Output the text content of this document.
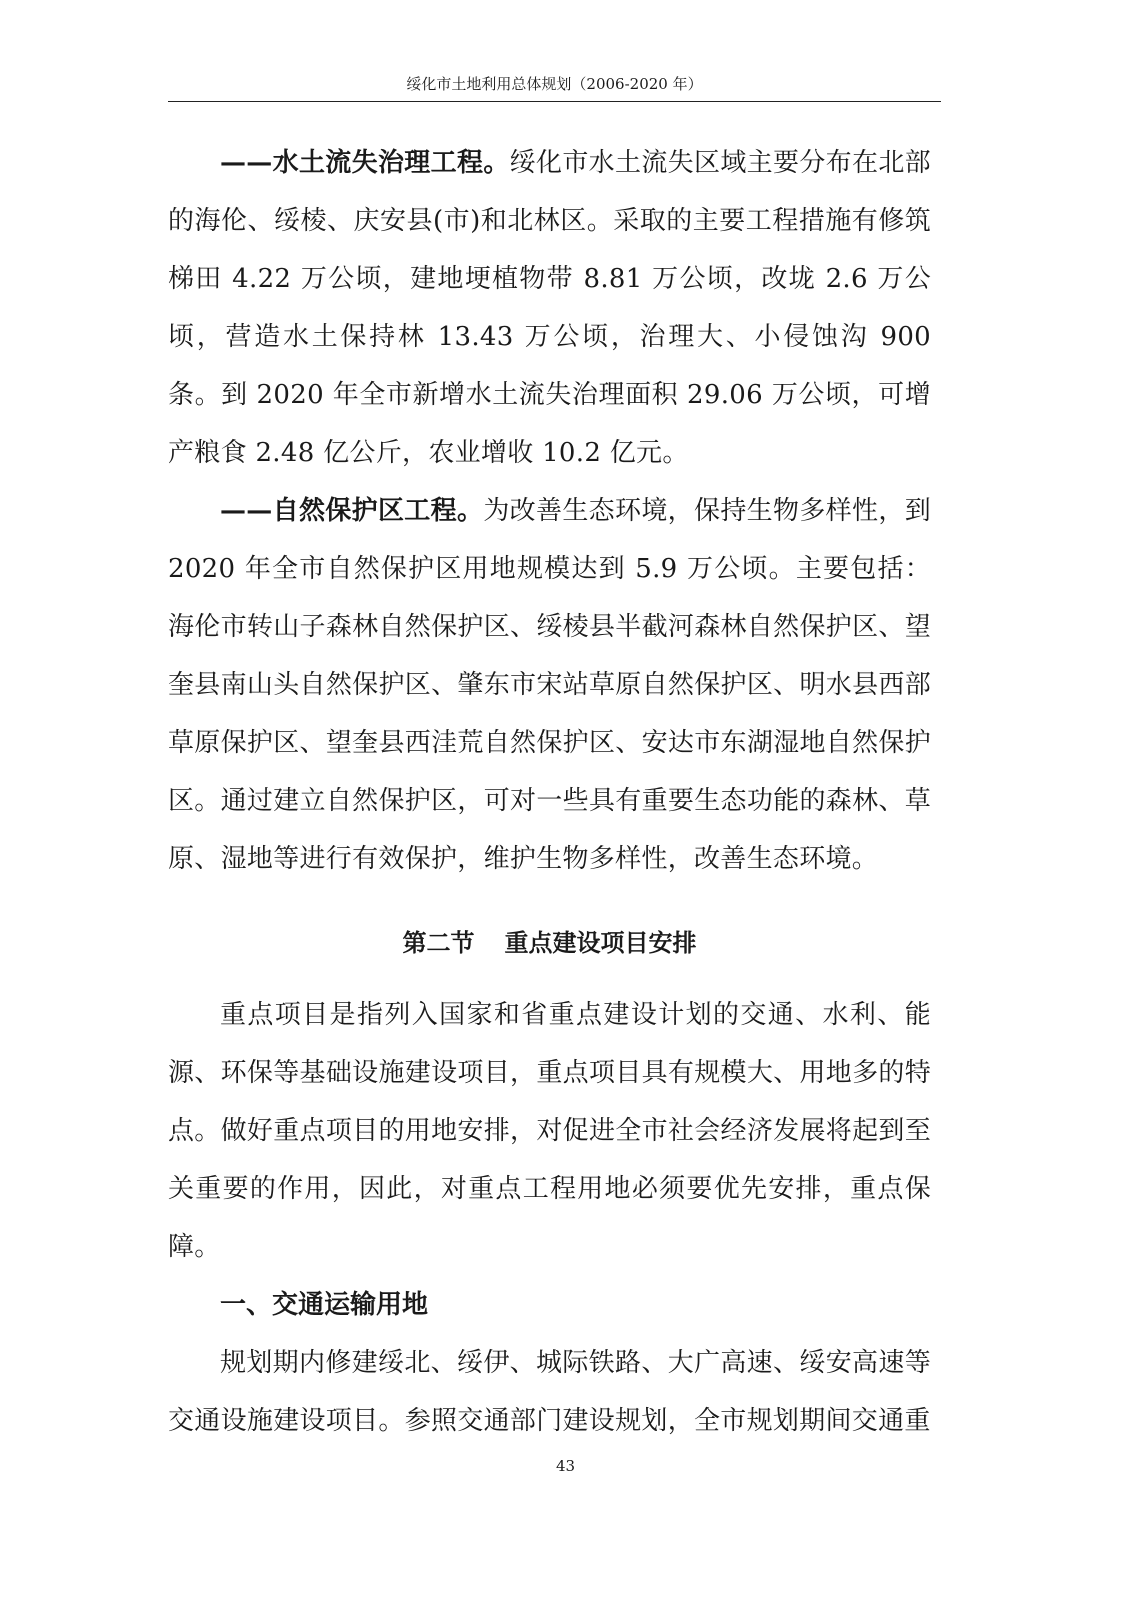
绥化市土地利用总体规划（2006-2020 年）

——水土流失治理工程。绥化市水土流失区域主要分布在北部的海伦、绥棱、庆安县(市)和北林区。采取的主要工程措施有修筑梯田 4.22 万公顷，建地埂植物带 8.81 万公顷，改垅 2.6 万公顷，营造水土保持林 13.43 万公顷，治理大、小侵蚀沟 900 条。到 2020 年全市新增水土流失治理面积 29.06 万公顷，可增产粮食 2.48 亿公斤，农业增收 10.2 亿元。

——自然保护区工程。为改善生态环境，保持生物多样性，到 2020 年全市自然保护区用地规模达到 5.9 万公顷。主要包括：海伦市转山子森林自然保护区、绥棱县半截河森林自然保护区、望奎县南山头自然保护区、肇东市宋站草原自然保护区、明水县西部草原保护区、望奎县西洼荒自然保护区、安达市东湖湿地自然保护区。通过建立自然保护区，可对一些具有重要生态功能的森林、草原、湿地等进行有效保护，维护生物多样性，改善生态环境。

第二节 重点建设项目安排

重点项目是指列入国家和省重点建设计划的交通、水利、能源、环保等基础设施建设项目，重点项目具有规模大、用地多的特点。做好重点项目的用地安排，对促进全市社会经济发展将起到至关重要的作用，因此，对重点工程用地必须要优先安排，重点保障。

一、交通运输用地

规划期内修建绥北、绥伊、城际铁路、大广高速、绥安高速等交通设施建设项目。参照交通部门建设规划，全市规划期间交通重

43
